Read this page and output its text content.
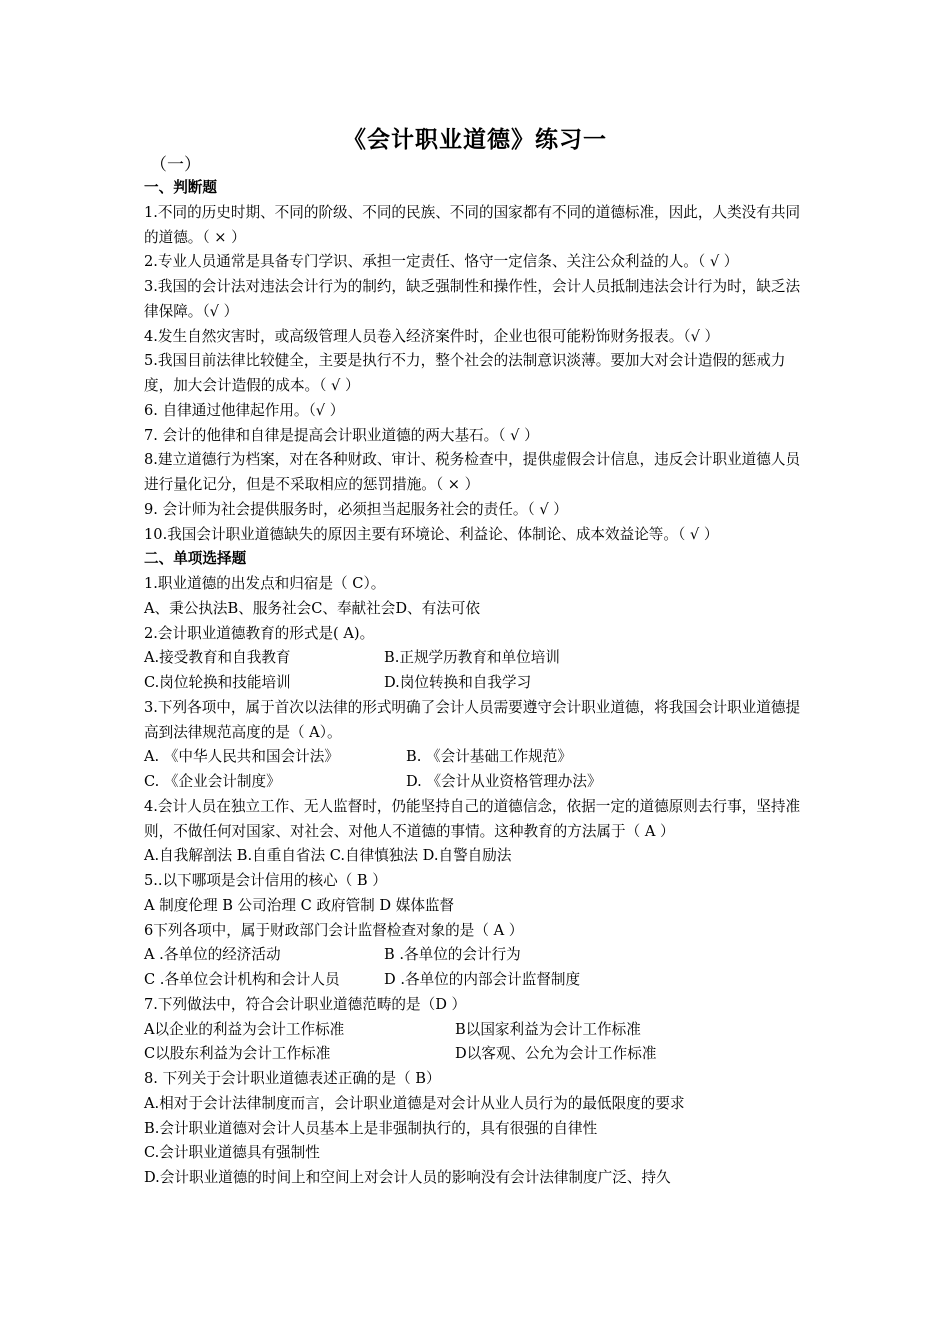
《会计职业道德》练习一
（一）
一、判断题
1.不同的历史时期、不同的阶级、不同的民族、不同的国家都有不同的道德标准，因此，人类没有共同的道德。（ × ）
2.专业人员通常是具备专门学识、承担一定责任、恪守一定信条、关注公众利益的人。（ √ ）
3.我国的会计法对违法会计行为的制约，缺乏强制性和操作性，会计人员抵制违法会计行为时，缺乏法律保障。（√ ）
4.发生自然灾害时，或高级管理人员卷入经济案件时，企业也很可能粉饰财务报表。（√ ）
5.我国目前法律比较健全，主要是执行不力，整个社会的法制意识淡薄。要加大对会计造假的惩戒力度，加大会计造假的成本。（ √ ）
6. 自律通过他律起作用。（√ ）
7. 会计的他律和自律是提高会计职业道德的两大基石。（ √ ）
8.建立道德行为档案，对在各种财政、审计、税务检查中，提供虚假会计信息，违反会计职业道德人员进行量化记分，但是不采取相应的惩罚措施。（ × ）
9. 会计师为社会提供服务时，必须担当起服务社会的责任。（ √ ）
10.我国会计职业道德缺失的原因主要有环境论、利益论、体制论、成本效益论等。（ √ ）
二、单项选择题
1.职业道德的出发点和归宿是（ C）。
A、秉公执法B、服务社会C、奉献社会D、有法可依
2.会计职业道德教育的形式是( A)。
A.接受教育和自我教育	B.正规学历教育和单位培训
C.岗位轮换和技能培训	D.岗位转换和自我学习
3.下列各项中，属于首次以法律的形式明确了会计人员需要遵守会计职业道德，将我国会计职业道德提高到法律规范高度的是（ A）。
A. 《中华人民共和国会计法》	B. 《会计基础工作规范》
C. 《企业会计制度》	D. 《会计从业资格管理办法》
4.会计人员在独立工作、无人监督时，仍能坚持自己的道德信念，依据一定的道德原则去行事，坚持准则，不做任何对国家、对社会、对他人不道德的事情。这种教育的方法属于（ A ）
A.自我解剖法 B.自重自省法 C.自律慎独法 D.自警自励法
5..以下哪项是会计信用的核心（ B ）
A 制度伦理 B 公司治理 C 政府管制 D 媒体监督
6下列各项中，属于财政部门会计监督检查对象的是（ A ）
A .各单位的经济活动	B .各单位的会计行为
C .各单位会计机构和会计人员	D .各单位的内部会计监督制度
7.下列做法中，符合会计职业道德范畴的是（D ）
A以企业的利益为会计工作标准	B以国家利益为会计工作标准
C以股东利益为会计工作标准	D以客观、公允为会计工作标准
8. 下列关于会计职业道德表述正确的是（ B）
A.相对于会计法律制度而言，会计职业道德是对会计从业人员行为的最低限度的要求
B.会计职业道德对会计人员基本上是非强制执行的，具有很强的自律性
C.会计职业道德具有强制性
D.会计职业道德的时间上和空间上对会计人员的影响没有会计法律制度广泛、持久
